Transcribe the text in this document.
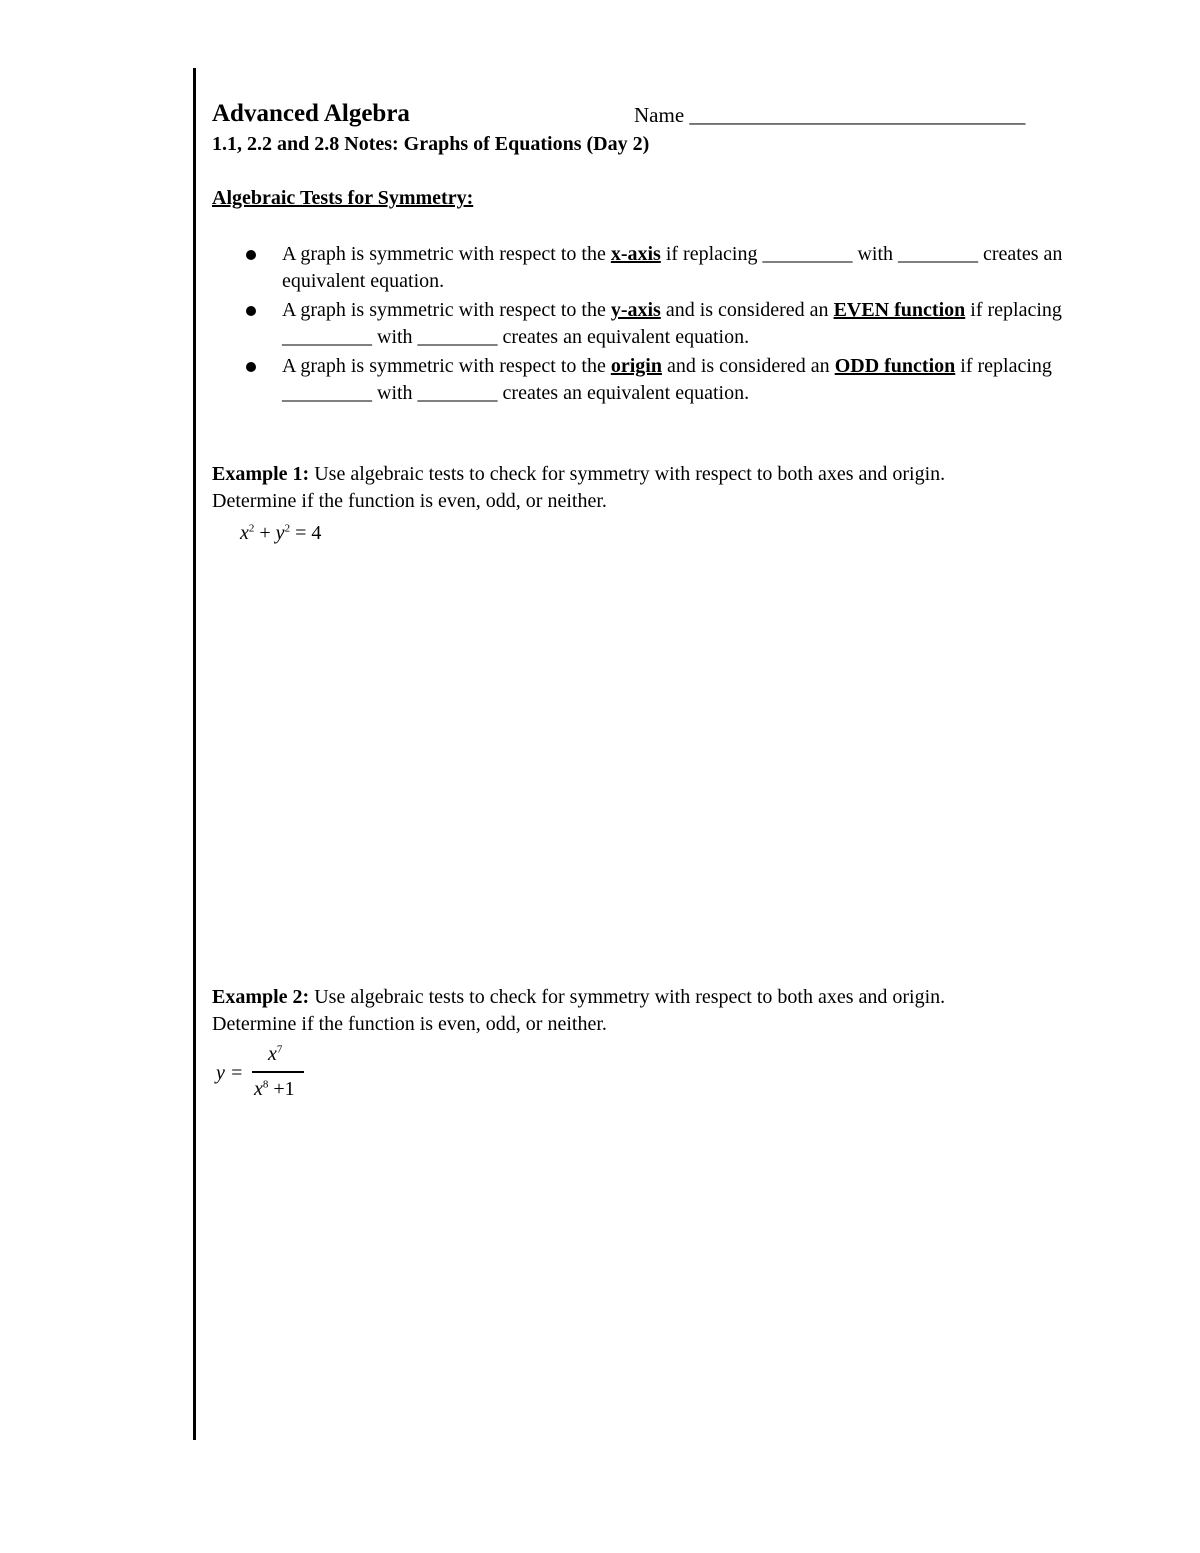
Advanced Algebra	Name ________________________________
1.1, 2.2 and 2.8 Notes: Graphs of Equations (Day 2)
Algebraic Tests for Symmetry:
A graph is symmetric with respect to the x-axis if replacing _________ with ________ creates an equivalent equation.
A graph is symmetric with respect to the y-axis and is considered an EVEN function if replacing _________ with ________ creates an equivalent equation.
A graph is symmetric with respect to the origin and is considered an ODD function if replacing _________ with ________ creates an equivalent equation.
Example 1: Use algebraic tests to check for symmetry with respect to both axes and origin.
Determine if the function is even, odd, or neither.
$x^2 + y^2 = 4$
Example 2: Use algebraic tests to check for symmetry with respect to both axes and origin.
Determine if the function is even, odd, or neither.
y =
$x^7$
$x^8 +1$
